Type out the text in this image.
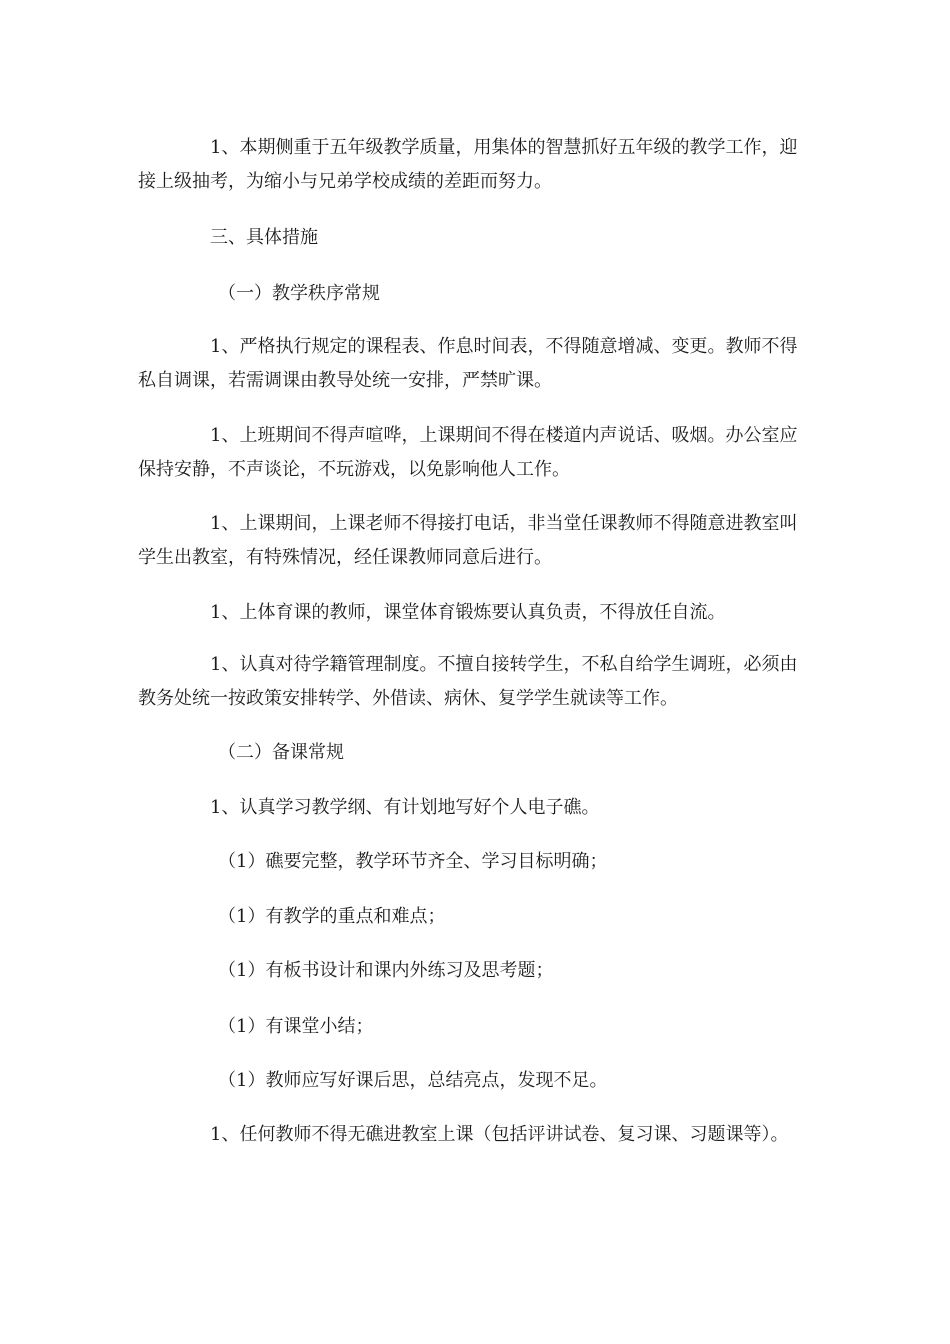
1、本期侧重于五年级教学质量，用集体的智慧抓好五年级的教学工作，迎接上级抽考，为缩小与兄弟学校成绩的差距而努力。

三、具体措施

（一）教学秩序常规

1、严格执行规定的课程表、作息时间表，不得随意增减、变更。教师不得私自调课，若需调课由教导处统一安排，严禁旷课。

1、上班期间不得声喧哗，上课期间不得在楼道内声说话、吸烟。办公室应保持安静，不声谈论，不玩游戏，以免影响他人工作。

1、上课期间，上课老师不得接打电话，非当堂任课教师不得随意进教室叫学生出教室，有特殊情况，经任课教师同意后进行。

1、上体育课的教师，课堂体育锻炼要认真负责，不得放任自流。

1、认真对待学籍管理制度。不擅自接转学生，不私自给学生调班，必须由教务处统一按政策安排转学、外借读、病休、复学学生就读等工作。

（二）备课常规

1、认真学习教学纲、有计划地写好个人电子礁。

（1）礁要完整，教学环节齐全、学习目标明确；

（1）有教学的重点和难点；

（1）有板书设计和课内外练习及思考题；

（1）有课堂小结；

（1）教师应写好课后思，总结亮点，发现不足。

1、任何教师不得无礁进教室上课（包括评讲试卷、复习课、习题课等）。
